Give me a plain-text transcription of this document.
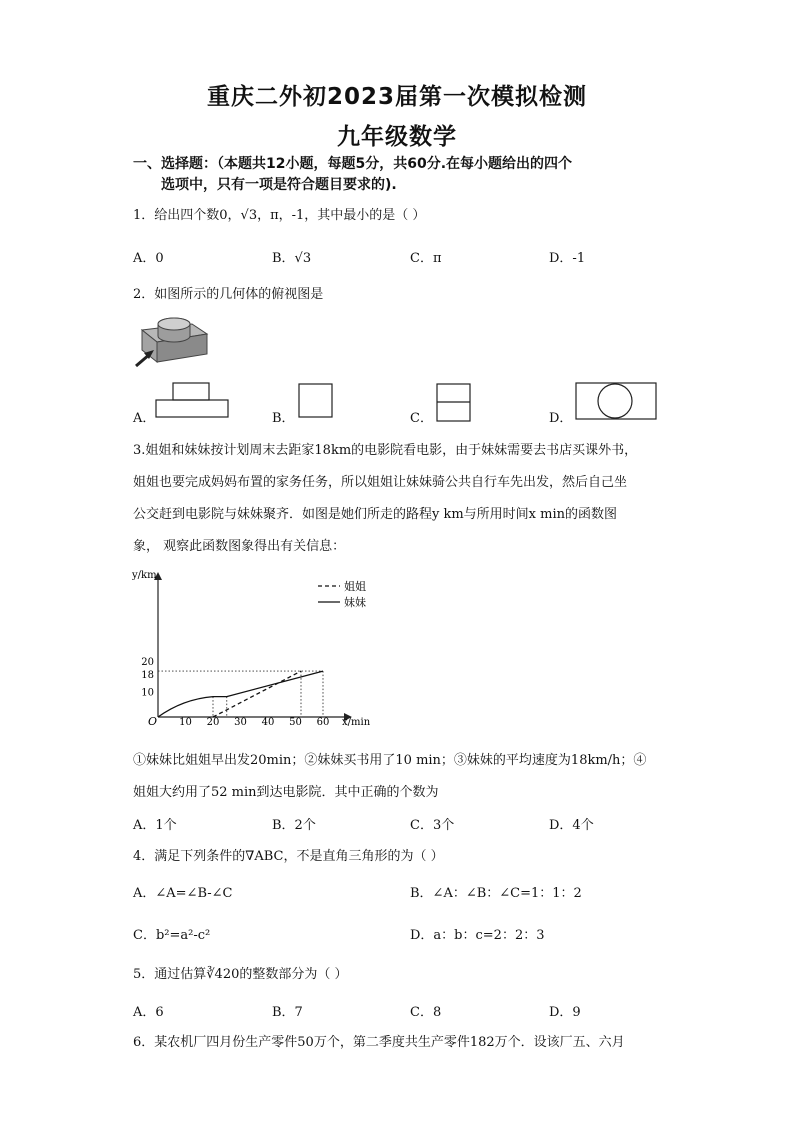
重庆二外初2023届第一次模拟检测
九年级数学
一、选择题：（本题共12小题，每题5分，共60分.在每小题给出的四个
选项中，只有一项是符合题目要求的).
1．给出四个数0，√3，π，-1，其中最小的是（ ）
A．0	B．√3	C．π	D．-1
2．如图所示的几何体的俯视图是
A．	B．	C．	D．
3.姐姐和妹妹按计划周末去距家18km的电影院看电影，由于妹妹需要去书店买课外书，
姐姐也要完成妈妈布置的家务任务，所以姐姐让妹妹骑公共自行车先出发，然后自己坐
公交赶到电影院与妹妹聚齐．如图是她们所走的路程y km与所用时间x min的函数图
象， 观察此函数图象得出有关信息：
y/km
x/min
O 10 20 30 40 50 60
10
18
20
姐姐
妹妹
①妹妹比姐姐早出发20min；②妹妹买书用了10 min；③妹妹的平均速度为18km/h；④
姐姐大约用了52 min到达电影院．其中正确的个数为
A．1个	B．2个	C．3个	D．4个
4．满足下列条件的∇ABC，不是直角三角形的为（ ）
A．∠A=∠B-∠C	B．∠A：∠B：∠C=1：1：2
C．b²=a²-c²	D．a：b：c=2：2：3
5．通过估算∛420的整数部分为（ ）
A．6	B．7	C．8	D．9
6．某农机厂四月份生产零件50万个，第二季度共生产零件182万个．设该厂五、六月
